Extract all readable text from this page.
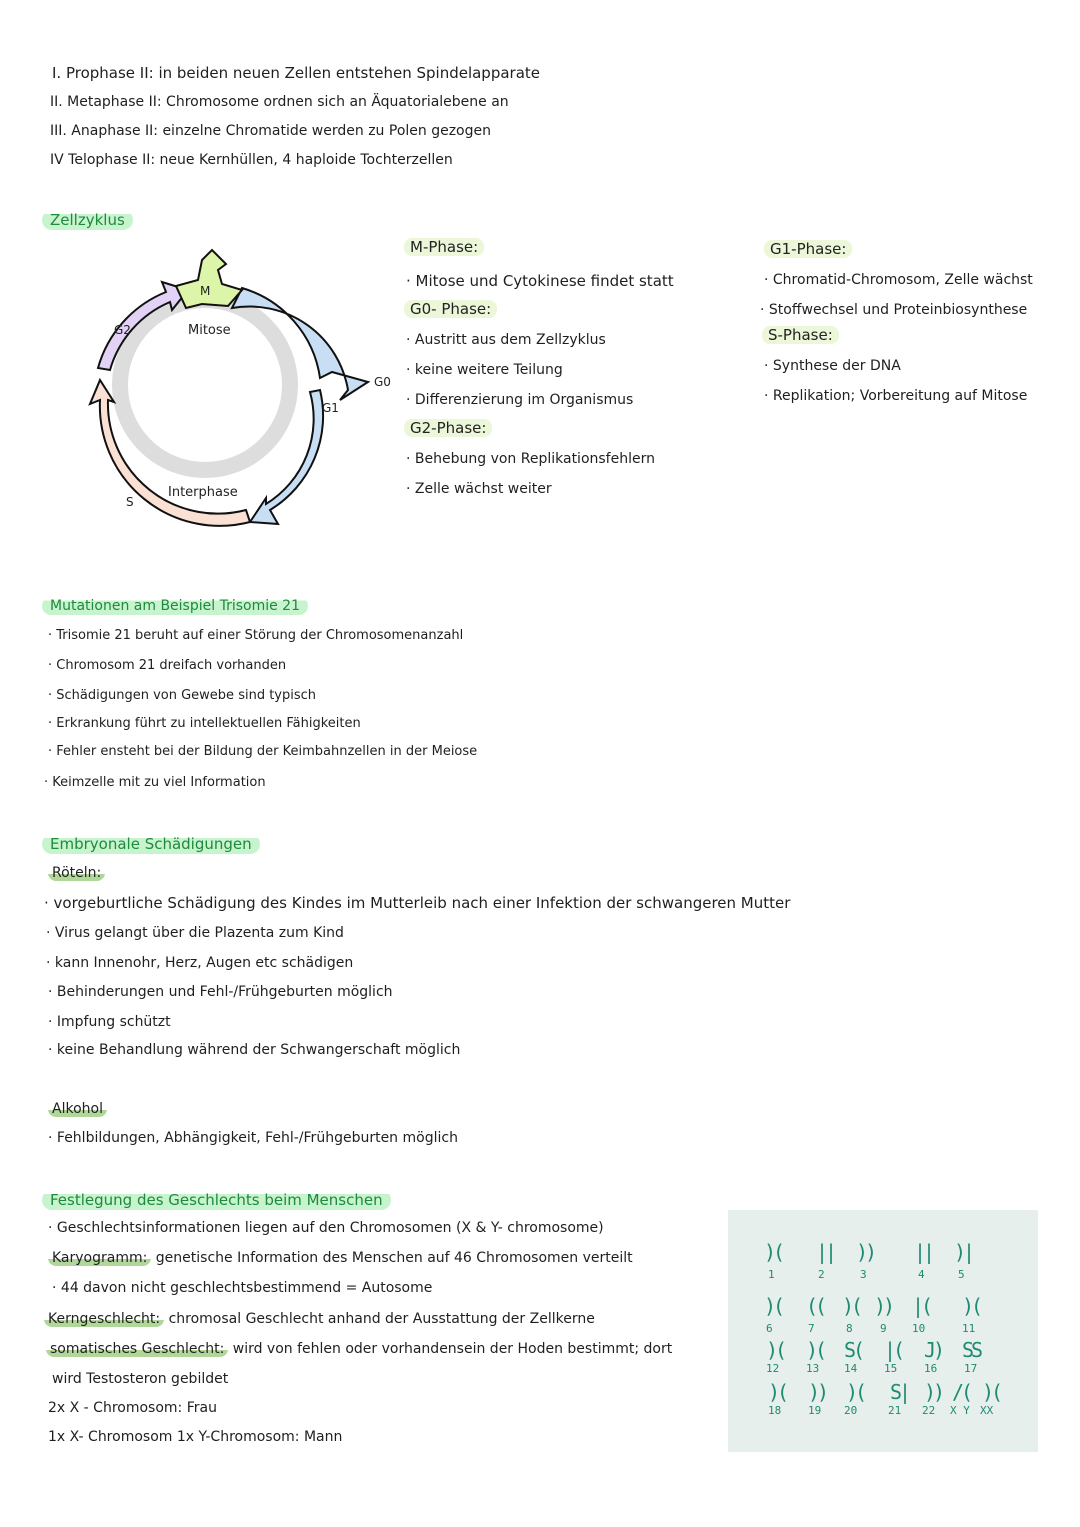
I. Prophase II: in beiden neuen Zellen entstehen Spindelapparate
II. Metaphase II: Chromosome ordnen sich an Äquatorialebene an
III. Anaphase II: einzelne Chromatide werden zu Polen gezogen
IV Telophase II: neue Kernhüllen, 4 haploide Tochterzellen
Zellzyklus
M
Mitose
G2
G1
G0
S
Interphase
M-Phase:
· Mitose und Cytokinese findet statt
G0- Phase:
· Austritt aus dem Zellzyklus
· keine weitere Teilung
· Differenzierung im Organismus
G2-Phase:
· Behebung von Replikationsfehlern
· Zelle wächst weiter
G1-Phase:
· Chromatid-Chromosom, Zelle wächst
· Stoffwechsel und Proteinbiosynthese
S-Phase:
· Synthese der DNA
· Replikation; Vorbereitung auf Mitose
Mutationen am Beispiel Trisomie 21
· Trisomie 21 beruht auf einer Störung der Chromosomenanzahl
· Chromosom 21 dreifach vorhanden
· Schädigungen von Gewebe sind typisch
· Erkrankung führt zu intellektuellen Fähigkeiten
· Fehler ensteht bei der Bildung der Keimbahnzellen in der Meiose
· Keimzelle mit zu viel Information
Embryonale Schädigungen
Röteln:
· vorgeburtliche Schädigung des Kindes im Mutterleib nach einer Infektion der schwangeren Mutter
· Virus gelangt über die Plazenta zum Kind
· kann Innenohr, Herz, Augen etc schädigen
· Behinderungen und Fehl-/Frühgeburten möglich
· Impfung schützt
· keine Behandlung während der Schwangerschaft möglich
Alkohol
· Fehlbildungen, Abhängigkeit, Fehl-/Frühgeburten möglich
Festlegung des Geschlechts beim Menschen
· Geschlechtsinformationen liegen auf den Chromosomen (X & Y- chromosome)
Karyogramm: genetische Information des Menschen auf 46 Chromosomen verteilt
· 44 davon nicht geschlechtsbestimmend = Autosome
Kerngeschlecht: chromosal Geschlecht anhand der Ausstattung der Zellkerne
somatisches Geschlecht: wird von fehlen oder vorhandensein der Hoden bestimmt; dort
wird Testosteron gebildet
2x X - Chromosom: Frau
1x X- Chromosom 1x Y-Chromosom: Mann
)(
1
||
2
))
3
||
4
)|
5
)(
6
((
7
)(
8
))
9
|(
10
)(
11
)(
12
)(
13
S(
14
|(
15
J)
16
SS
17
)(
18
))
19
)(
20
S|
21
))
22
/(
X Y
)(
XX
